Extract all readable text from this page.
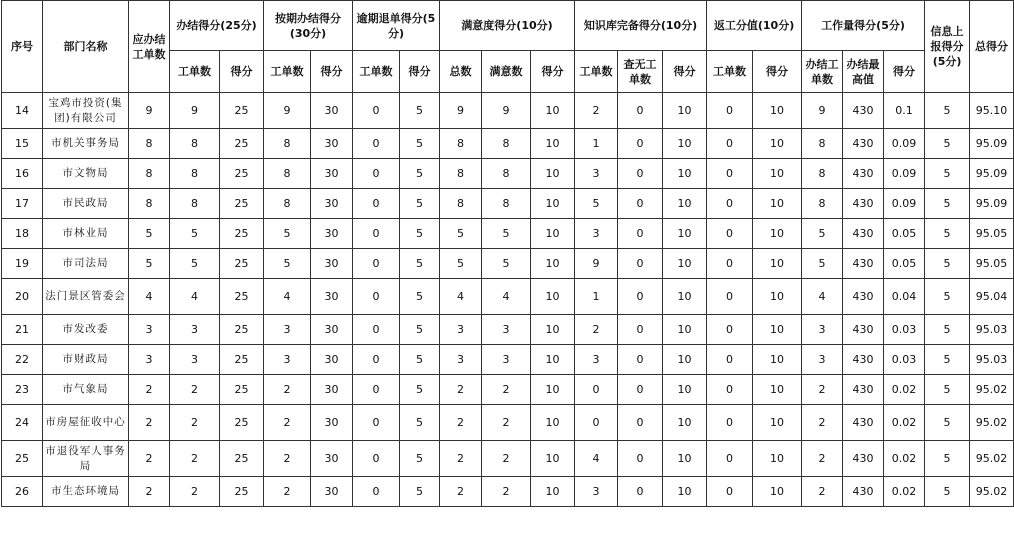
序号	部门名称	应办结工单数	办结得分(25分)		按期办结得分(30分)		逾期退单得分(5分)		满意度得分(10分)			知识库完备得分(10分)			返工分值(10分)		工作量得分(5分)			信息上报得分(5分)	总得分
			工单数	得分	工单数	得分	工单数	得分	总数	满意数	得分	工单数	查无工单数	得分	工单数	得分	办结工单数	办结最高值	得分		
14	宝鸡市投资(集团)有限公司	9	9	25	9	30	0	5	9	9	10	2	0	10	0	10	9	430	0.1	5	95.10
15	市机关事务局	8	8	25	8	30	0	5	8	8	10	1	0	10	0	10	8	430	0.09	5	95.09
16	市文物局	8	8	25	8	30	0	5	8	8	10	3	0	10	0	10	8	430	0.09	5	95.09
17	市民政局	8	8	25	8	30	0	5	8	8	10	5	0	10	0	10	8	430	0.09	5	95.09
18	市林业局	5	5	25	5	30	0	5	5	5	10	3	0	10	0	10	5	430	0.05	5	95.05
19	市司法局	5	5	25	5	30	0	5	5	5	10	9	0	10	0	10	5	430	0.05	5	95.05
20	法门景区管委会	4	4	25	4	30	0	5	4	4	10	1	0	10	0	10	4	430	0.04	5	95.04
21	市发改委	3	3	25	3	30	0	5	3	3	10	2	0	10	0	10	3	430	0.03	5	95.03
22	市财政局	3	3	25	3	30	0	5	3	3	10	3	0	10	0	10	3	430	0.03	5	95.03
23	市气象局	2	2	25	2	30	0	5	2	2	10	0	0	10	0	10	2	430	0.02	5	95.02
24	市房屋征收中心	2	2	25	2	30	0	5	2	2	10	0	0	10	0	10	2	430	0.02	5	95.02
25	市退役军人事务局	2	2	25	2	30	0	5	2	2	10	4	0	10	0	10	2	430	0.02	5	95.02
26	市生态环境局	2	2	25	2	30	0	5	2	2	10	3	0	10	0	10	2	430	0.02	5	95.02
